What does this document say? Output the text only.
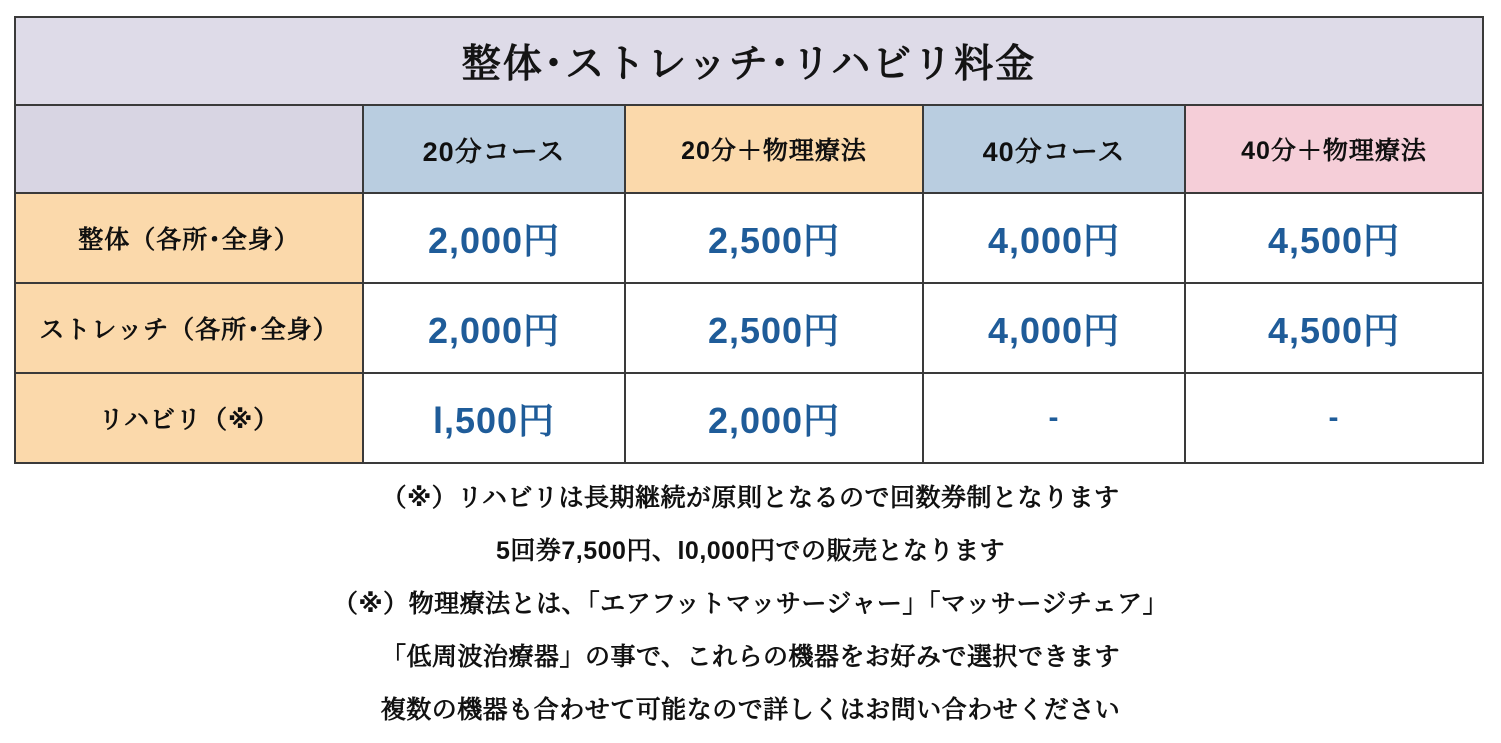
整体･ストレッチ･リハビリ料金				
	20分コース	20分＋物理療法	40分コース	40分＋物理療法
整体（各所･全身）	2,000円	2,500円	4,000円	4,500円
ストレッチ（各所･全身）	2,000円	2,500円	4,000円	4,500円
リハビリ（※）	l,500円	2,000円	-	-

（※）リハビリは長期継続が原則となるので回数券制となります

5回券7,500円、l0,000円での販売となります

（※）物理療法とは、「エアフットマッサージャー」「マッサージチェア」

「低周波治療器」の事で、これらの機器をお好みで選択できます

複数の機器も合わせて可能なので詳しくはお問い合わせください
